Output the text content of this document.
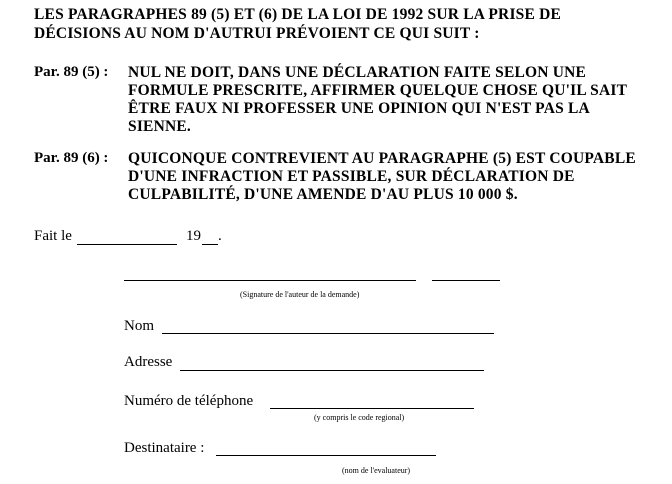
LES PARAGRAPHES 89 (5) ET (6) DE LA LOI DE 1992 SUR LA PRISE DE
DÉCISIONS AU NOM D'AUTRUI PRÉVOIENT CE QUI SUIT :
Par. 89 (5) : NUL NE DOIT, DANS UNE DÉCLARATION FAITE SELON UNE
FORMULE PRESCRITE, AFFIRMER QUELQUE CHOSE QU'IL SAIT
ÊTRE FAUX NI PROFESSER UNE OPINION QUI N'EST PAS LA
SIENNE.
Par. 89 (6) : QUICONQUE CONTREVIENT AU PARAGRAPHE (5) EST COUPABLE
D'UNE INFRACTION ET PASSIBLE, SUR DÉCLARATION DE
CULPABILITÉ, D'UNE AMENDE D'AU PLUS 10 000 $.
Fait le	19 .
(Signature de l'auteur de la demande)
Nom
Adresse
Numéro de téléphone
(y compris le code regional)
Destinataire :
(nom de l'evaluateur)
